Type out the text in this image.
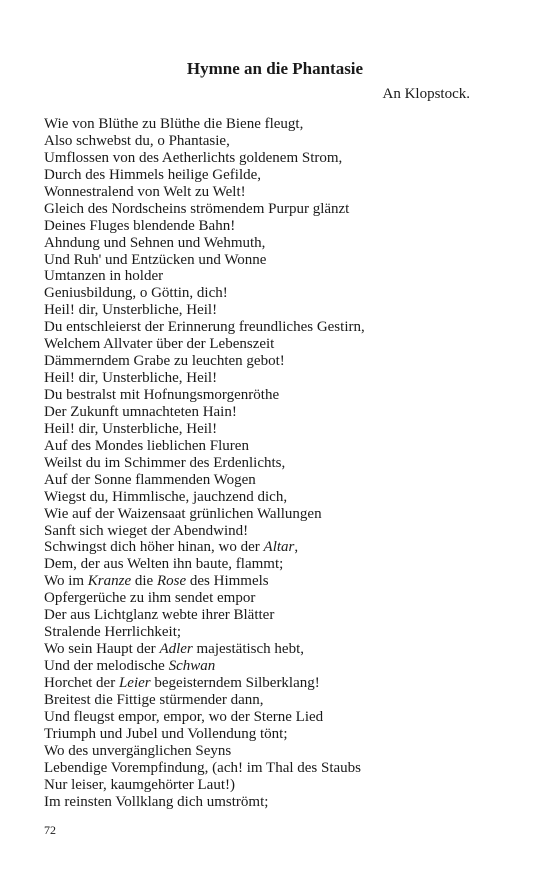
Hymne an die Phantasie
An Klopstock.
Wie von Blüthe zu Blüthe die Biene fleugt,
Also schwebst du, o Phantasie,
Umflossen von des Aetherlichts goldenem Strom,
Durch des Himmels heilige Gefilde,
Wonnestralend von Welt zu Welt!
Gleich des Nordscheins strömendem Purpur glänzt
Deines Fluges blendende Bahn!
Ahndung und Sehnen und Wehmuth,
Und Ruh' und Entzücken und Wonne
Umtanzen in holder
Geniusbildung, o Göttin, dich!
Heil! dir, Unsterbliche, Heil!
Du entschleierst der Erinnerung freundliches Gestirn,
Welchem Allvater über der Lebenszeit
Dämmerndem Grabe zu leuchten gebot!
Heil! dir, Unsterbliche, Heil!
Du bestralst mit Hofnungsmorgenröthe
Der Zukunft umnachteten Hain!
Heil! dir, Unsterbliche, Heil!
Auf des Mondes lieblichen Fluren
Weilst du im Schimmer des Erdenlichts,
Auf der Sonne flammenden Wogen
Wiegst du, Himmlische, jauchzend dich,
Wie auf der Waizensaat grünlichen Wallungen
Sanft sich wieget der Abendwind!
Schwingst dich höher hinan, wo der Altar,
Dem, der aus Welten ihn baute, flammt;
Wo im Kranze die Rose des Himmels
Opfergerüche zu ihm sendet empor
Der aus Lichtglanz webte ihrer Blätter
Stralende Herrlichkeit;
Wo sein Haupt der Adler majestätisch hebt,
Und der melodische Schwan
Horchet der Leier begeisterndem Silberklang!
Breitest die Fittige stürmender dann,
Und fleugst empor, empor, wo der Sterne Lied
Triumph und Jubel und Vollendung tönt;
Wo des unvergänglichen Seyns
Lebendige Vorempfindung, (ach! im Thal des Staubs
Nur leiser, kaumgehörter Laut!)
Im reinsten Vollklang dich umströmt;
72
